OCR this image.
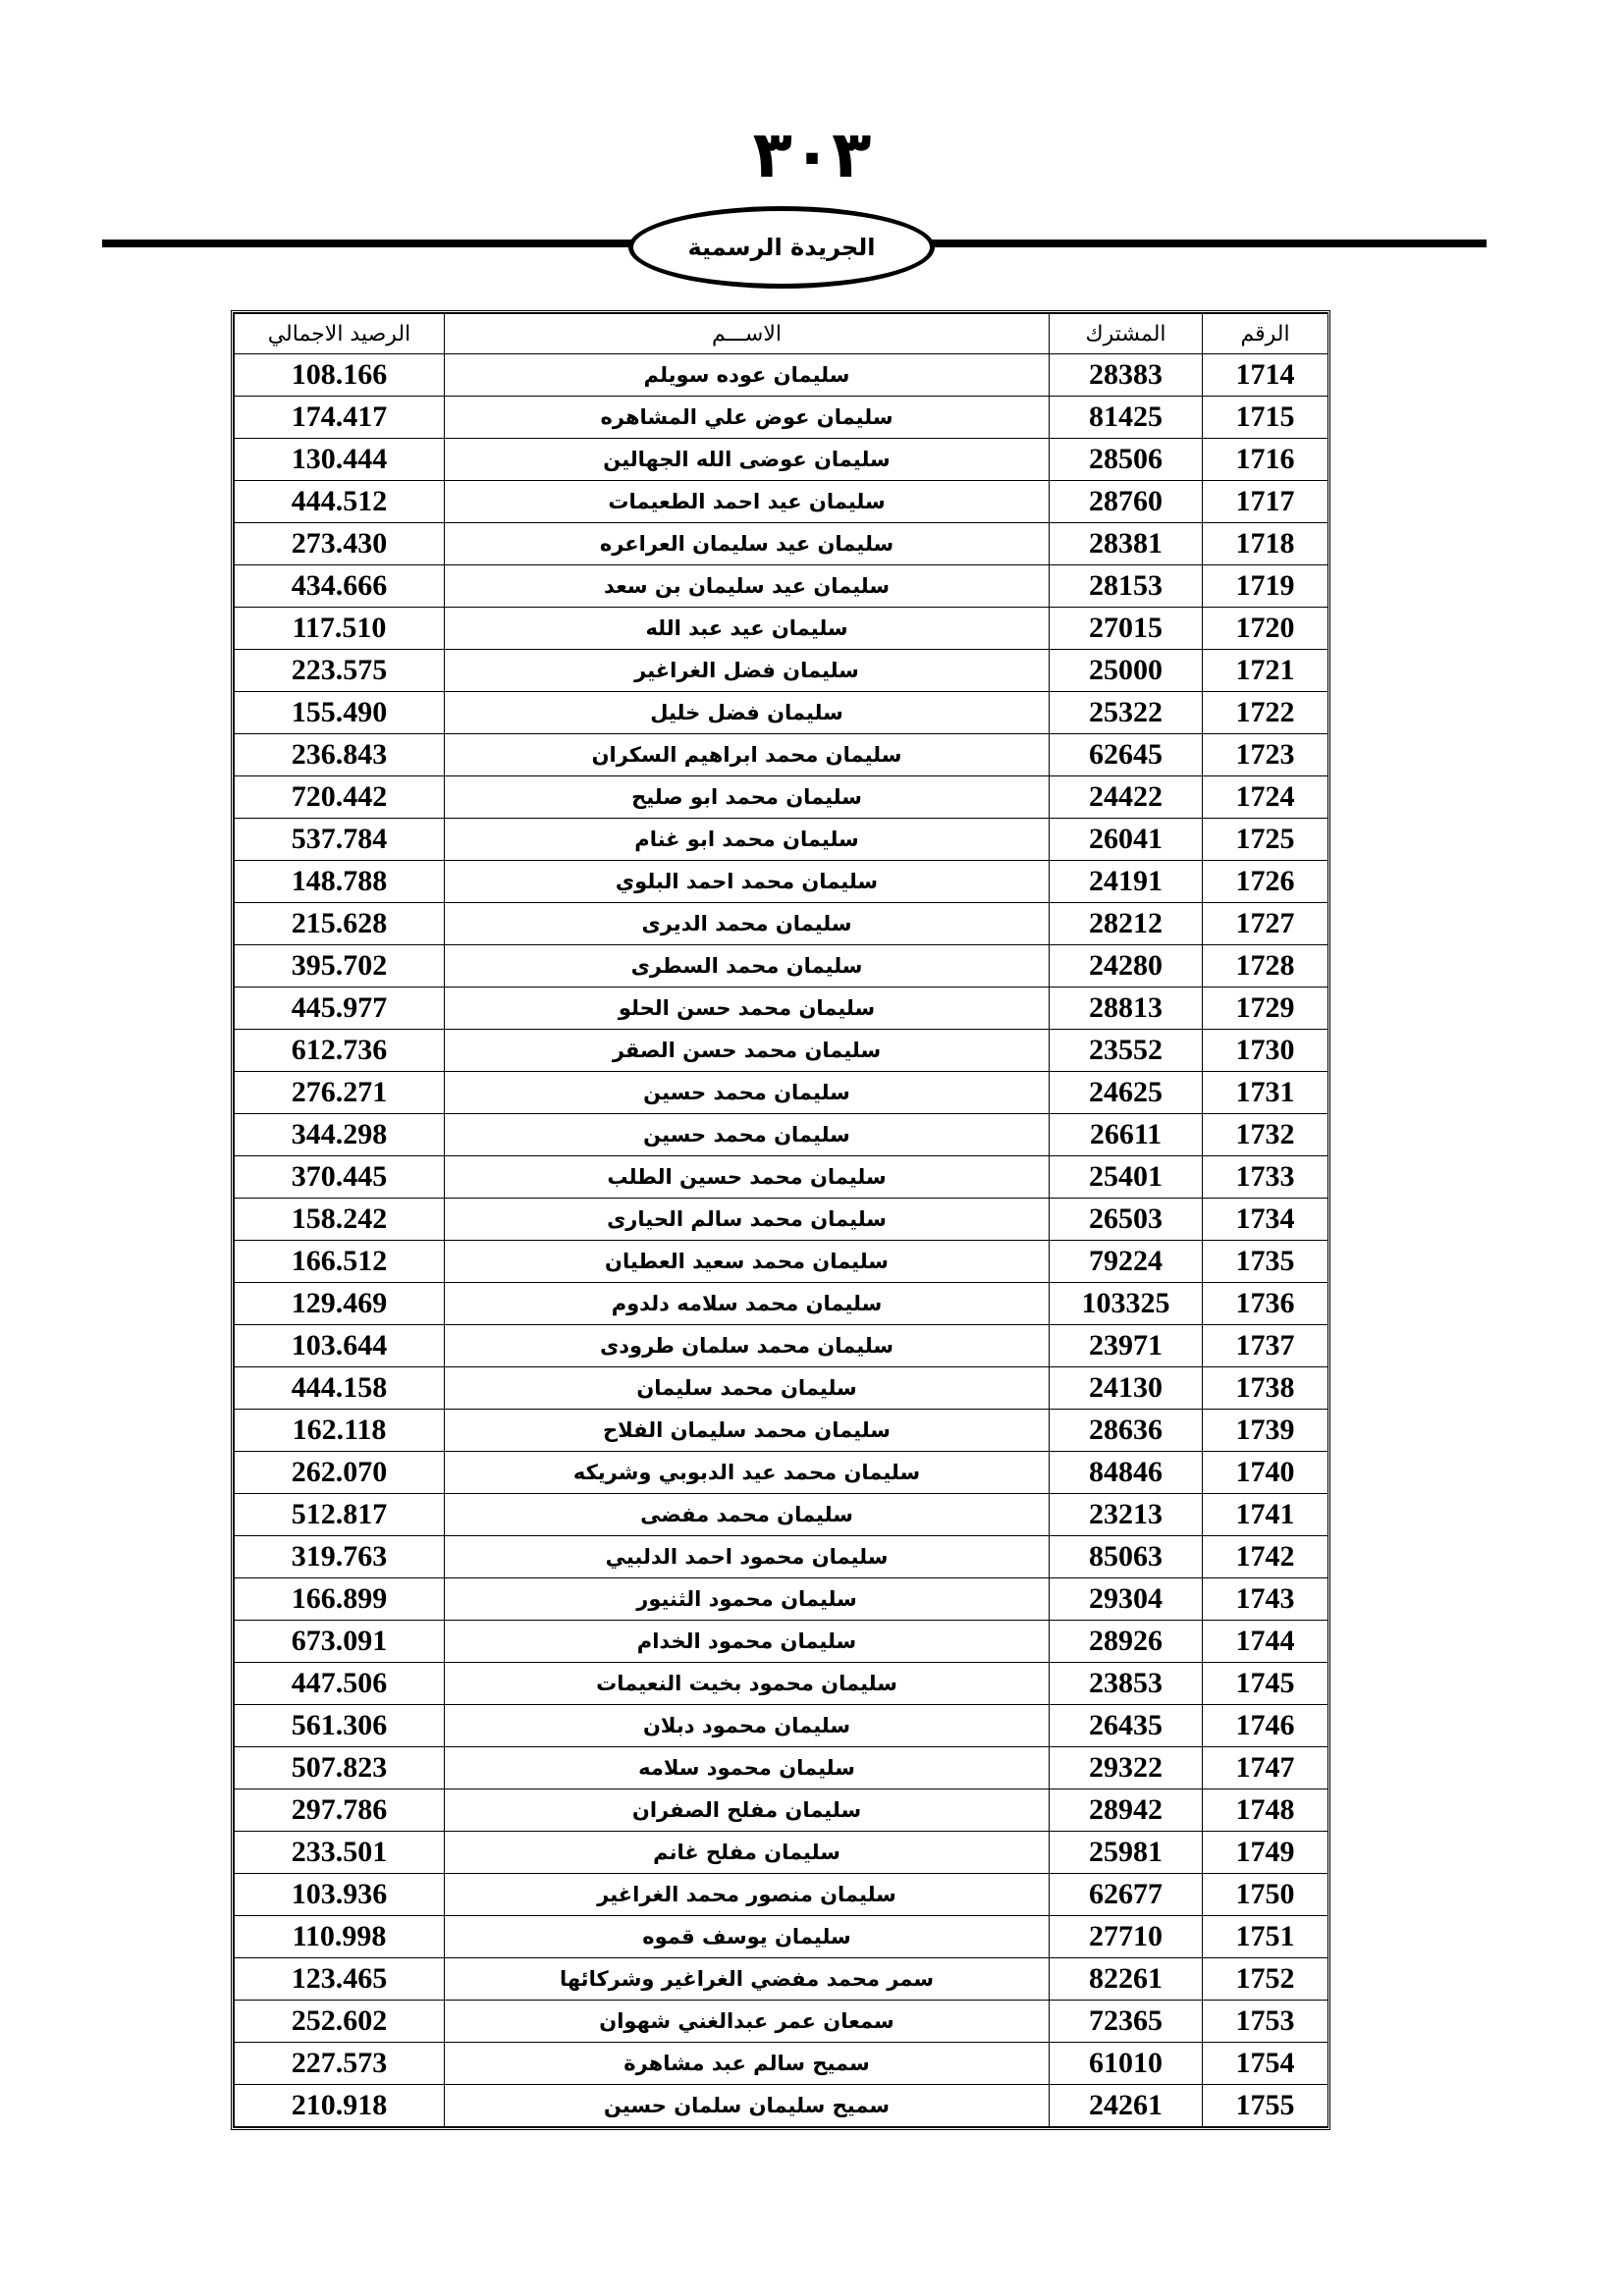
٣٠٣
الجريدة الرسمية
الرقم	المشترك	الاســـم	الرصيد الاجمالي
1714	28383	سليمان عوده سويلم	108.166
1715	81425	سليمان عوض علي المشاهره	174.417
1716	28506	سليمان عوضى الله الجهالين	130.444
1717	28760	سليمان عيد احمد الطعيمات	444.512
1718	28381	سليمان عيد سليمان العراعره	273.430
1719	28153	سليمان عيد سليمان بن سعد	434.666
1720	27015	سليمان عيد عبد الله	117.510
1721	25000	سليمان فضل الغراغير	223.575
1722	25322	سليمان فضل خليل	155.490
1723	62645	سليمان محمد ابراهيم السكران	236.843
1724	24422	سليمان محمد ابو صليح	720.442
1725	26041	سليمان محمد ابو غنام	537.784
1726	24191	سليمان محمد احمد البلوي	148.788
1727	28212	سليمان محمد الديرى	215.628
1728	24280	سليمان محمد السطرى	395.702
1729	28813	سليمان محمد حسن الحلو	445.977
1730	23552	سليمان محمد حسن الصقر	612.736
1731	24625	سليمان محمد حسين	276.271
1732	26611	سليمان محمد حسين	344.298
1733	25401	سليمان محمد حسين الطلب	370.445
1734	26503	سليمان محمد سالم الحيارى	158.242
1735	79224	سليمان محمد سعيد العطيان	166.512
1736	103325	سليمان محمد سلامه دلدوم	129.469
1737	23971	سليمان محمد سلمان طرودى	103.644
1738	24130	سليمان محمد سليمان	444.158
1739	28636	سليمان محمد سليمان الفلاح	162.118
1740	84846	سليمان محمد عيد الدبوبي وشريكه	262.070
1741	23213	سليمان محمد مفضى	512.817
1742	85063	سليمان محمود احمد الدلبيي	319.763
1743	29304	سليمان محمود الثنيور	166.899
1744	28926	سليمان محمود الخدام	673.091
1745	23853	سليمان محمود بخيت النعيمات	447.506
1746	26435	سليمان محمود دبلان	561.306
1747	29322	سليمان محمود سلامه	507.823
1748	28942	سليمان مفلح الصفران	297.786
1749	25981	سليمان مفلح غانم	233.501
1750	62677	سليمان منصور محمد الغراغير	103.936
1751	27710	سليمان يوسف قموه	110.998
1752	82261	سمر محمد مفضي الغراغير وشركائها	123.465
1753	72365	سمعان عمر عبدالغني شهوان	252.602
1754	61010	سميح سالم عبد مشاهرة	227.573
1755	24261	سميح سليمان سلمان حسين	210.918
